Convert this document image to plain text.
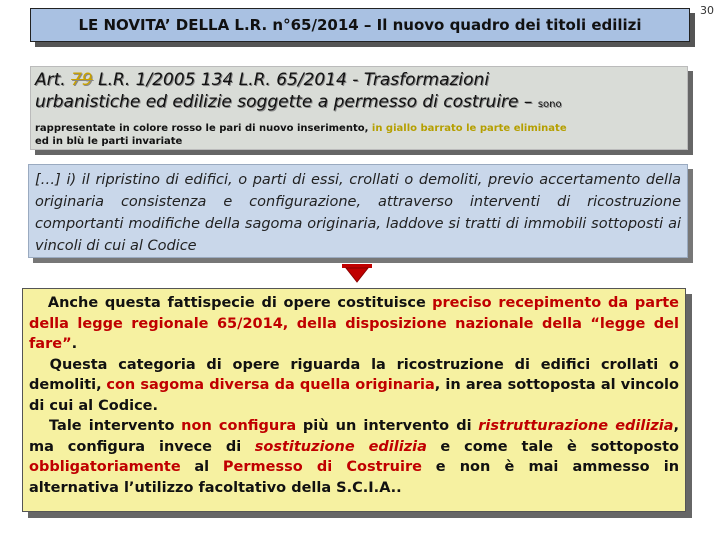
30
LE NOVITA’ DELLA L.R. n°65/2014 – Il nuovo quadro dei titoli edilizi
Art. 79 L.R. 1/2005 134 L.R. 65/2014 - Trasformazioni
urbanistiche ed edilizie soggette a permesso di costruire – sono
rappresentate in colore rosso le pari di nuovo inserimento, in giallo barrato le parte eliminate
ed in blù le parti invariate
[…] i) il ripristino di edifici, o parti di essi, crollati o demoliti, previo accertamento della originaria consistenza e configurazione, attraverso interventi di ricostruzione comportanti modifiche della sagoma originaria, laddove si tratti di immobili sottoposti ai vincoli di cui al Codice

Anche questa fattispecie di opere costituisce preciso recepimento da parte della legge regionale 65/2014, della disposizione nazionale della “legge del fare”.

Questa categoria di opere riguarda la ricostruzione di edifici crollati o demoliti, con sagoma diversa da quella originaria, in area sottoposta al vincolo di cui al Codice.

Tale intervento non configura più un intervento di ristrutturazione edilizia, ma configura invece di sostituzione edilizia e come tale è sottoposto obbligatoriamente al Permesso di Costruire e non è mai ammesso in alternativa l’utilizzo facoltativo della S.C.I.A..
